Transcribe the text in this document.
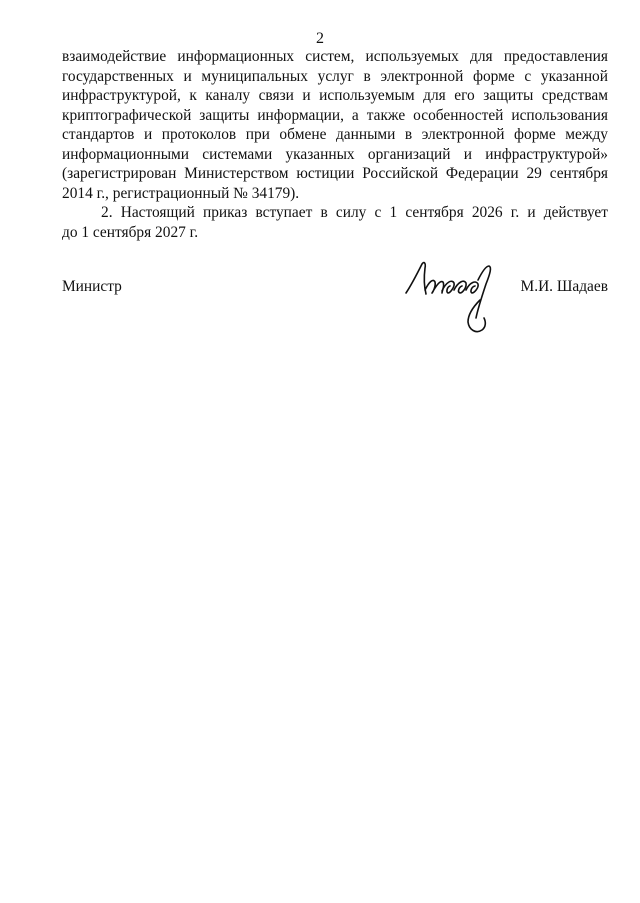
2
взаимодействие информационных систем, используемых для предоставления
государственных и муниципальных услуг в электронной форме с указанной
инфраструктурой, к каналу связи и используемым для его защиты средствам
криптографической защиты информации, а также особенностей использования
стандартов и протоколов при обмене данными в электронной форме между
информационными системами указанных организаций и инфраструктурой»
(зарегистрирован Министерством юстиции Российской Федерации 29 сентября
2014 г., регистрационный № 34179).
2. Настоящий приказ вступает в силу с 1 сентября 2026 г. и действует
до 1 сентября 2027 г.
Министр	М.И. Шадаев
